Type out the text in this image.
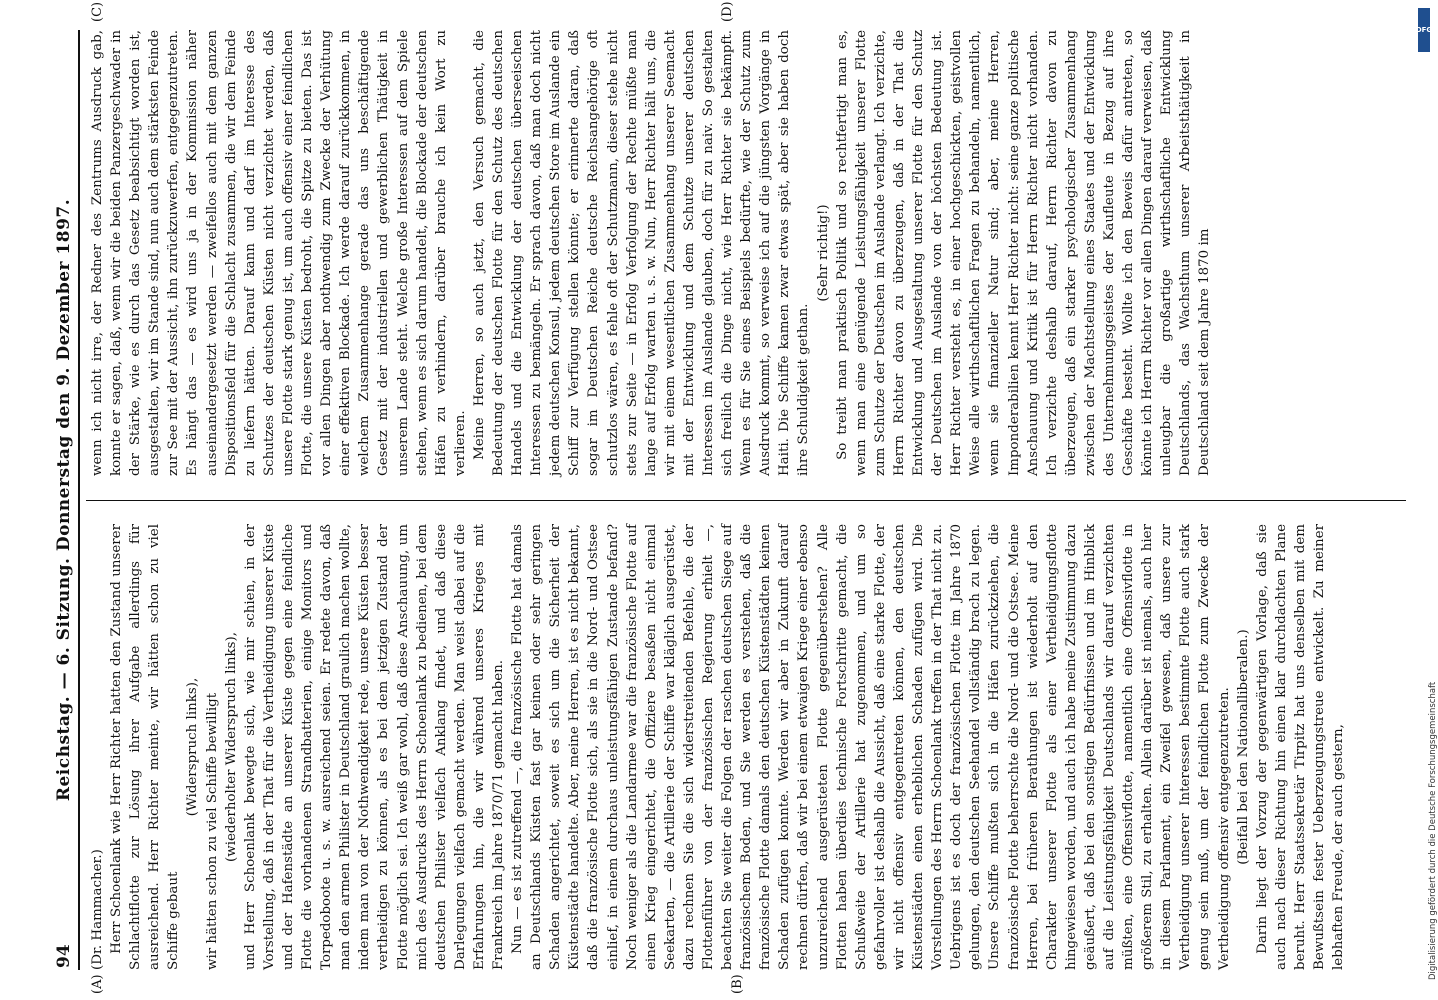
94
Reichstag. — 6. Sitzung. Donnerstag den 9. Dezember 1897.
(A)	(B)
(C)	(D)

(Dr. Hammacher.) Herr Schoenlank wie Herr Richter hatten den Zustand unserer Schlachtflotte zur Lösung ihrer Aufgabe allerdings für ausreichend. Herr Richter meinte, wir hätten schon zu viel Schiffe gebaut

(Widerspruch links), wir hätten schon zu viel Schiffe bewilligt (wiederholter Widerspruch links), und Herr Schoenlank bewegte sich, wie mir schien, in der Vorstellung, daß in der That für die Vertheidigung unserer Küste und der Hafenstädte an unserer Küste gegen eine feindliche Flotte die vorhandenen Strandbatterien, einige Monitors und Torpedoboote u. s. w. ausreichend seien. Er redete davon, daß man den armen Philister in Deutschland graulich machen wollte, indem man von der Nothwendigkeit rede, unsere Küsten besser vertheidigen zu können, als es bei dem jetzigen Zustand der Flotte möglich sei. Ich weiß gar wohl, daß diese Anschauung, um mich des Ausdrucks des Herrn Schoenlank zu bedienen, bei dem deutschen Philister vielfach Anklang findet, und daß diese Darlegungen vielfach gemacht werden. Man weist dabei auf die Erfahrungen hin, die wir während unseres Krieges mit Frankreich im Jahre 1870/71 gemacht haben. Nun — es ist zutreffend —, die französische Flotte hat damals an Deutschlands Küsten fast gar keinen oder sehr geringen Schaden angerichtet, soweit es sich um die Sicherheit der Küstenstädte handelte. Aber, meine Herren, ist es nicht bekannt, daß die französische Flotte sich, als sie in die Nord- und Ostsee einlief, in einem durchaus unleistungsfähigen Zustande befand? Noch weniger als die Landarmee war die französische Flotte auf einen Krieg eingerichtet, die Offiziere besaßen nicht einmal Seekarten, — die Artillerie der Schiffe war kläglich ausgerüstet, dazu rechnen Sie die sich widerstreitenden Befehle, die der Flottenführer von der französischen Regierung erhielt —, beachten Sie weiter die Folgen der raschen deutschen Siege auf französischem Boden, und Sie werden es verstehen, daß die französische Flotte damals den deutschen Küstenstädten keinen Schaden zufügen konnte. Werden wir aber in Zukunft darauf rechnen dürfen, daß wir bei einem etwaigen Kriege einer ebenso unzureichend ausgerüsteten Flotte gegenüberstehen? Alle Flotten haben überdies technische Fortschritte gemacht, die Schußweite der Artillerie hat zugenommen, und um so gefahrvoller ist deshalb die Aussicht, daß eine starke Flotte, der wir nicht offensiv entgegentreten können, den deutschen Küstenstädten einen erheblichen Schaden zufügen wird. Die Vorstellungen des Herrn Schoenlank treffen in der That nicht zu. Uebrigens ist es doch der französischen Flotte im Jahre 1870 gelungen, den deutschen Seehandel vollständig brach zu legen. Unsere Schiffe mußten sich in die Häfen zurückziehen, die französische Flotte beherrschte die Nord- und die Ostsee. Meine Herren, bei früheren Berathungen ist wiederholt auf den Charakter unserer Flotte als einer Vertheidigungsflotte hingewiesen worden, und auch ich habe meine Zustimmung dazu geäußert, daß bei den sonstigen Bedürfnissen und im Hinblick auf die Leistungsfähigkeit Deutschlands wir darauf verzichten müßten, eine Offensivflotte, namentlich eine Offensivflotte in größerem Stil, zu erhalten. Allein darüber ist niemals, auch hier in diesem Parlament, ein Zweifel gewesen, daß unsere zur Vertheidigung unserer Interessen bestimmte Flotte auch stark genug sein muß, um der feindlichen Flotte zum Zwecke der Vertheidigung offensiv entgegenzutreten. (Beifall bei den Nationalliberalen.) Darin liegt der Vorzug der gegenwärtigen Vorlage, daß sie auch nach dieser Richtung hin einen klar durchdachten Plane beruht. Herr Staatssekretär Tirpitz hat uns denselben mit dem Bewußtsein fester Ueberzeugungstreue entwickelt. Zu meiner lebhaften Freude, der auch gestern,

wenn ich nicht irre, der Redner des Zentrums Ausdruck gab, konnte er sagen, daß, wenn wir die beiden Panzergeschwader in der Stärke, wie es durch das Gesetz beabsichtigt worden ist, ausgestalten, wir im Stande sind, nun auch dem stärksten Feinde zur See mit der Aussicht, ihn zurückzuwerfen, entgegenzutreten. Es hängt das — es wird uns ja in der Kommission näher auseinandergesetzt werden — zweifellos auch mit dem ganzen Dispositionsfeld für die Schlacht zusammen, die wir dem Feinde zu liefern hätten. Darauf kann und darf im Interesse des Schutzes der deutschen Küsten nicht verzichtet werden, daß unsere Flotte stark genug ist, um auch offensiv einer feindlichen Flotte, die unsere Küsten bedroht, die Spitze zu bieten. Das ist vor allen Dingen aber nothwendig zum Zwecke der Verhütung einer effektiven Blockade. Ich werde darauf zurückkommen, in welchem Zusammenhange gerade das uns beschäftigende Gesetz mit der industriellen und gewerblichen Thätigkeit in unserem Lande steht. Welche große Interessen auf dem Spiele stehen, wenn es sich darum handelt, die Blockade der deutschen Häfen zu verhindern, darüber brauche ich kein Wort zu verlieren. Meine Herren, so auch jetzt, den Versuch gemacht, die Bedeutung der deutschen Flotte für den Schutz des deutschen Handels und die Entwicklung der deutschen überseeischen Interessen zu bemängeln. Er sprach davon, daß man doch nicht jedem deutschen Konsul, jedem deutschen Store im Auslande ein Schiff zur Verfügung stellen könnte; er erinnerte daran, daß sogar im Deutschen Reiche deutsche Reichsangehörige oft schutzlos wären, es fehle oft der Schutzmann, dieser stehe nicht stets zur Seite — in Erfolg Verfolgung der Rechte müßte man lange auf Erfolg warten u. s. w. Nun, Herr Richter hält uns, die wir mit einem wesentlichen Zusammenhang unserer Seemacht mit der Entwicklung und dem Schutze unserer deutschen Interessen im Auslande glauben, doch für zu naiv. So gestalten sich freilich die Dinge nicht, wie Herr Richter sie bekämpft. Wenn es für Sie eines Beispiels bedürfte, wie der Schutz zum Ausdruck kommt, so verweise ich auf die jüngsten Vorgänge in Haiti. Die Schiffe kamen zwar etwas spät, aber sie haben doch ihre Schuldigkeit gethan.

(Sehr richtig!) So treibt man praktisch Politik und so rechtfertigt man es, wenn man eine genügende Leistungsfähigkeit unserer Flotte zum Schutze der Deutschen im Auslande verlangt. Ich verzichte, Herrn Richter davon zu überzeugen, daß in der That die Entwicklung und Ausgestaltung unserer Flotte für den Schutz der Deutschen im Auslande von der höchsten Bedeutung ist. Herr Richter versteht es, in einer hochgeschickten, geistvollen Weise alle wirthschaftlichen Fragen zu behandeln, namentlich, wenn sie finanzieller Natur sind; aber, meine Herren, Imponderabilien kennt Herr Richter nicht: seine ganze politische Anschauung und Kritik ist für Herrn Richter nicht vorhanden. Ich verzichte deshalb darauf, Herrn Richter davon zu überzeugen, daß ein starker psychologischer Zusammenhang zwischen der Machtstellung eines Staates und der Entwicklung des Unternehmungsgeistes der Kaufleute in Bezug auf ihre Geschäfte besteht. Wollte ich den Beweis dafür antreten, so könnte ich Herrn Richter vor allen Dingen darauf verweisen, daß unleugbar die großartige wirthschaftliche Entwicklung Deutschlands, das Wachsthum unserer Arbeitsthätigkeit in Deutschland seit dem Jahre 1870 im

Digitalisierung gefördert durch die Deutsche Forschungsgemeinschaft
DFG
